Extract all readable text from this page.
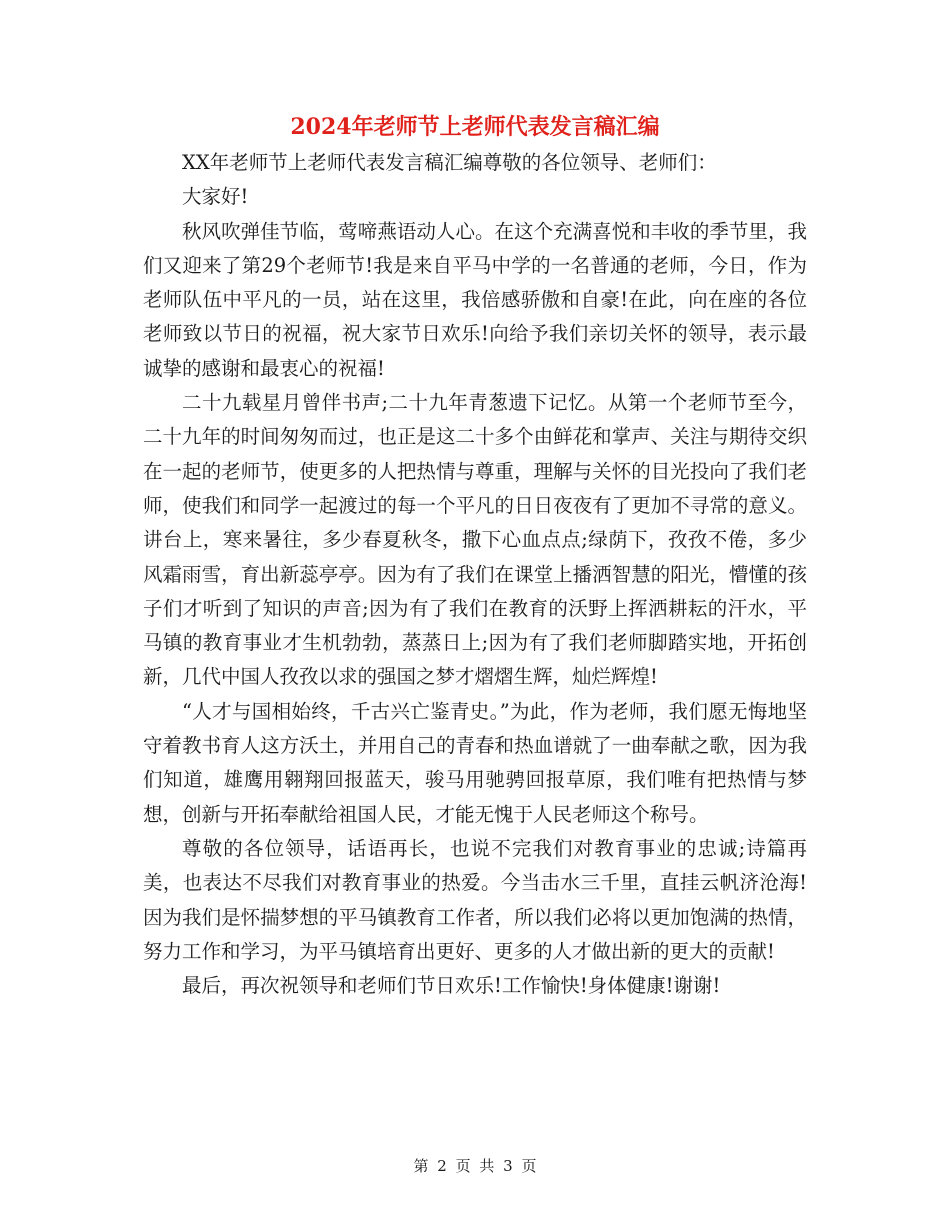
2024年老师节上老师代表发言稿汇编

XX年老师节上老师代表发言稿汇编尊敬的各位领导、老师们：

大家好!

秋风吹弹佳节临，莺啼燕语动人心。在这个充满喜悦和丰收的季节里，我们又迎来了第29个老师节!我是来自平马中学的一名普通的老师，今日，作为老师队伍中平凡的一员，站在这里，我倍感骄傲和自豪!在此，向在座的各位老师致以节日的祝福，祝大家节日欢乐!向给予我们亲切关怀的领导，表示最诚挚的感谢和最衷心的祝福!

二十九载星月曾伴书声;二十九年青葱遗下记忆。从第一个老师节至今，二十九年的时间匆匆而过，也正是这二十多个由鲜花和掌声、关注与期待交织在一起的老师节，使更多的人把热情与尊重，理解与关怀的目光投向了我们老师，使我们和同学一起渡过的每一个平凡的日日夜夜有了更加不寻常的意义。讲台上，寒来暑往，多少春夏秋冬，撒下心血点点;绿荫下，孜孜不倦，多少风霜雨雪，育出新蕊亭亭。因为有了我们在课堂上播洒智慧的阳光，懵懂的孩子们才听到了知识的声音;因为有了我们在教育的沃野上挥洒耕耘的汗水，平马镇的教育事业才生机勃勃，蒸蒸日上;因为有了我们老师脚踏实地，开拓创新，几代中国人孜孜以求的强国之梦才熠熠生辉，灿烂辉煌!

“人才与国相始终，千古兴亡鉴青史。”为此，作为老师，我们愿无悔地坚守着教书育人这方沃土，并用自己的青春和热血谱就了一曲奉献之歌，因为我们知道，雄鹰用翱翔回报蓝天，骏马用驰骋回报草原，我们唯有把热情与梦想，创新与开拓奉献给祖国人民，才能无愧于人民老师这个称号。

尊敬的各位领导，话语再长，也说不完我们对教育事业的忠诚;诗篇再美，也表达不尽我们对教育事业的热爱。今当击水三千里，直挂云帆济沧海!因为我们是怀揣梦想的平马镇教育工作者，所以我们必将以更加饱满的热情，努力工作和学习，为平马镇培育出更好、更多的人才做出新的更大的贡献!

最后，再次祝领导和老师们节日欢乐!工作愉快!身体健康!谢谢!

第 2 页 共 3 页
